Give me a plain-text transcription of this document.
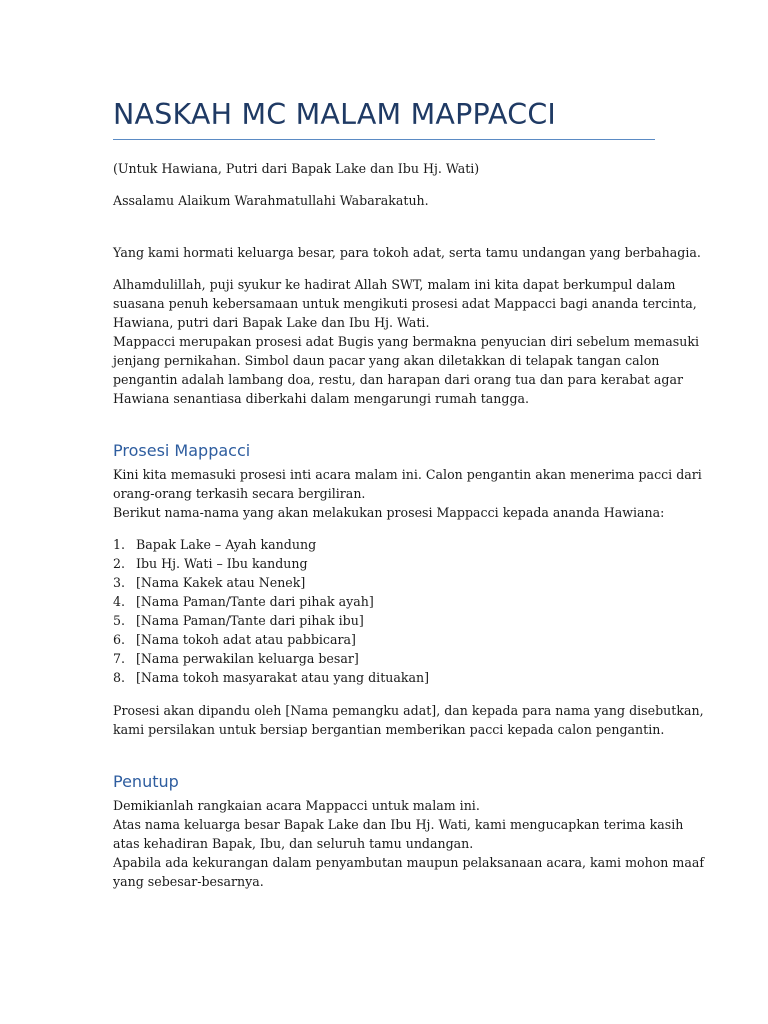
NASKAH MC MALAM MAPPACCI

(Untuk Hawiana, Putri dari Bapak Lake dan Ibu Hj. Wati)

Assalamu Alaikum Warahmatullahi Wabarakatuh.

Yang kami hormati keluarga besar, para tokoh adat, serta tamu undangan yang berbahagia.

Alhamdulillah, puji syukur ke hadirat Allah SWT, malam ini kita dapat berkumpul dalam
suasana penuh kebersamaan untuk mengikuti prosesi adat Mappacci bagi ananda tercinta,
Hawiana, putri dari Bapak Lake dan Ibu Hj. Wati.
Mappacci merupakan prosesi adat Bugis yang bermakna penyucian diri sebelum memasuki
jenjang pernikahan. Simbol daun pacar yang akan diletakkan di telapak tangan calon
pengantin adalah lambang doa, restu, dan harapan dari orang tua dan para kerabat agar
Hawiana senantiasa diberkahi dalam mengarungi rumah tangga.
Prosesi Mappacci
Kini kita memasuki prosesi inti acara malam ini. Calon pengantin akan menerima pacci dari
orang-orang terkasih secara bergiliran.
Berikut nama-nama yang akan melakukan prosesi Mappacci kepada ananda Hawiana:
1. Bapak Lake – Ayah kandung
2. Ibu Hj. Wati – Ibu kandung
3. [Nama Kakek atau Nenek]
4. [Nama Paman/Tante dari pihak ayah]
5. [Nama Paman/Tante dari pihak ibu]
6. [Nama tokoh adat atau pabbicara]
7. [Nama perwakilan keluarga besar]
8. [Nama tokoh masyarakat atau yang dituakan]
Prosesi akan dipandu oleh [Nama pemangku adat], dan kepada para nama yang disebutkan,
kami persilakan untuk bersiap bergantian memberikan pacci kepada calon pengantin.
Penutup
Demikianlah rangkaian acara Mappacci untuk malam ini.
Atas nama keluarga besar Bapak Lake dan Ibu Hj. Wati, kami mengucapkan terima kasih
atas kehadiran Bapak, Ibu, dan seluruh tamu undangan.
Apabila ada kekurangan dalam penyambutan maupun pelaksanaan acara, kami mohon maaf
yang sebesar-besarnya.
